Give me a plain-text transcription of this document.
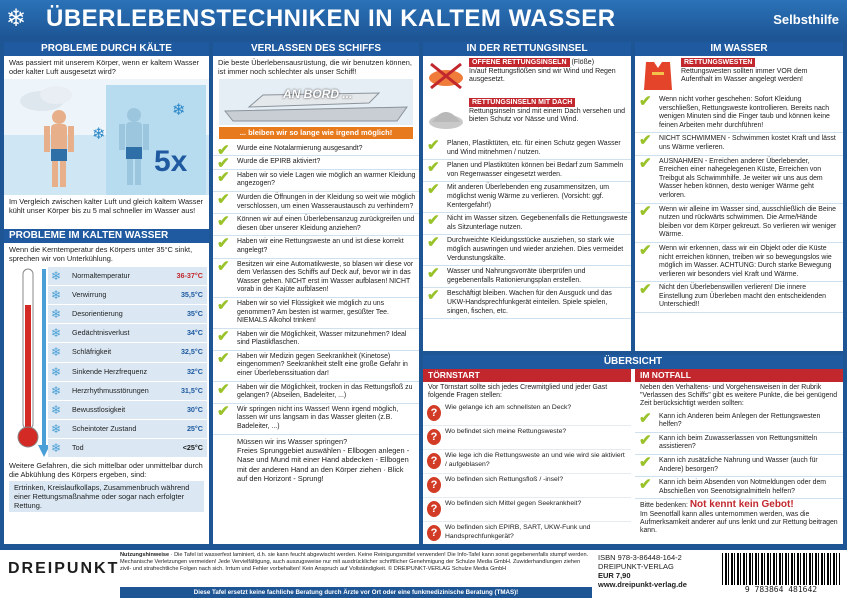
❄ ÜBERLEBENSTECHNIKEN IN KALTEM WASSER	Selbsthilfe
PROBLEME DURCH KÄLTE
Was passiert mit unserem Körper, wenn er kaltem Wasser oder kalter Luft ausgesetzt wird?
❄
❄
5x
Im Vergleich zwischen kalter Luft und gleich kaltem Wasser kühlt unser Körper bis zu 5 mal schneller im Wasser aus!
PROBLEME IM KALTEN WASSER
Wenn die Kerntemperatur des Körpers unter 35°C sinkt, sprechen wir von Unterkühlung.
❄ Normaltemperatur	36-37°C
❄ Verwirrung	35,5°C
❄ Desorientierung	35°C
❄ Gedächtnisverlust	34°C
❄ Schläfrigkeit	32,5°C
❄ Sinkende Herzfrequenz	32°C
❄ Herzrhythmusstörungen	31,5°C
❄ Bewusstlosigkeit	30°C
❄ Scheintoter Zustand	25°C
❄ Tod	<25°C
Weitere Gefahren, die sich mittelbar oder unmittelbar durch die Abkühlung des Körpers ergeben, sind:
Ertrinken, Kreislaufkollaps, Zusammenbruch während einer Rettungsmaßnahme oder sogar nach erfolgter Rettung.
VERLASSEN DES SCHIFFS
Die beste Überlebensausrüstung, die wir benutzen können, ist immer noch schlechter als unser Schiff!
AN BORD ...
... bleiben wir so lange wie irgend möglich!
✔	Wurde eine Notalarmierung ausgesandt?
✔	Wurde die EPIRB aktiviert?
✔	Haben wir so viele Lagen wie möglich an warmer Kleidung angezogen?
✔	Wurden die Öffnungen in der Kleidung so weit wie möglich verschlossen, um einen Wasseraustausch zu verhindern?
✔	Können wir auf einen Überlebensanzug zurückgreifen und diesen über unserer Kleidung anziehen?
✔	Haben wir eine Rettungsweste an und ist diese korrekt angelegt?
✔	Besitzen wir eine Automatikweste, so blasen wir diese vor dem Verlassen des Schiffs auf Deck auf, bevor wir in das Wasser gehen. NICHT erst im Wasser aufblasen! NICHT vorab in der Kajüte aufblasen!
✔	Haben wir so viel Flüssigkeit wie möglich zu uns genommen? Am besten ist warmer, gesüßter Tee. NIEMALS Alkohol trinken!
✔	Haben wir die Möglichkeit, Wasser mitzunehmen? Ideal sind Plastikflaschen.
✔	Haben wir Medizin gegen Seekrankheit (Kinetose) eingenommen? Seekrankheit stellt eine große Gefahr in einer Überlebenssituation dar!
✔	Haben wir die Möglichkeit, trocken in das Rettungsfloß zu gelangen? (Abseilen, Badeleiter, ...)
✔	Wir springen nicht ins Wasser! Wenn irgend möglich, lassen wir uns langsam in das Wasser gleiten (z.B. Badeleiter, ...)
Müssen wir ins Wasser springen?
Freies Sprunggebiet auswählen - Ellbogen anlegen - Nase und Mund mit einer Hand abdecken - Ellbogen mit der anderen Hand an den Körper ziehen · Blick auf den Horizont - Sprung!
IN DER RETTUNGSINSEL
OFFENE RETTUNGSINSELN (Flöße)
In/auf Rettungsflößen sind wir Wind und Regen ausgesetzt.
RETTUNGSINSELN MIT DACH
Rettungsinseln sind mit einem Dach versehen und bieten Schutz vor Nässe und Wind.
✔	Planen, Plastiktüten, etc. für einen Schutz gegen Wasser und Wind mitnehmen / nutzen.
✔	Planen und Plastiktüten können bei Bedarf zum Sammeln von Regenwasser eingesetzt werden.
✔	Mit anderen Überlebenden eng zusammensitzen, um möglichst wenig Wärme zu verlieren. (Vorsicht: ggf. Kentergefahr!)
✔	Nicht im Wasser sitzen. Gegebenenfalls die Rettungsweste als Sitzunterlage nutzen.
✔	Durchweichte Kleidungsstücke ausziehen, so stark wie möglich auswringen und wieder anziehen. Dies vermeidet Verdunstungskälte.
✔	Wasser und Nahrungsvorräte überprüfen und gegebenenfalls Rationierungsplan erstellen.
✔	Beschäftigt bleiben. Wachen für den Ausguck und das UKW-Handsprechfunkgerät einteilen. Spiele spielen, singen, fischen, etc.
IM WASSER
RETTUNGSWESTEN
Rettungswesten sollten immer VOR dem Aufenthalt im Wasser angelegt werden!
✔	Wenn nicht vorher geschehen: Sofort Kleidung verschließen, Rettungsweste kontrollieren. Bereits nach wenigen Minuten sind die Finger taub und können keine feinen Arbeiten mehr durchführen!
✔	NICHT SCHWIMMEN - Schwimmen kostet Kraft und lässt uns Wärme verlieren.
✔	AUSNAHMEN - Erreichen anderer Überlebender, Erreichen einer nahegelegenen Küste, Erreichen von Treibgut als Schwimmhilfe. Je weiter wir uns aus dem Wasser heben können, desto weniger Wärme geht verloren.
✔	Wenn wir alleine im Wasser sind, ausschließlich die Beine nutzen und rückwärts schwimmen. Die Arme/Hände bleiben vor dem Körper gekreuzt. So verlieren wir weniger Wärme.
✔	Wenn wir erkennen, dass wir ein Objekt oder die Küste nicht erreichen können, treiben wir so bewegungslos wie möglich im Wasser. ACHTUNG: Durch starke Bewegung verlieren wir besonders viel Kraft und Wärme.
✔	Nicht den Überlebenswillen verlieren! Die innere Einstellung zum Überleben macht den entscheidenden Unterschied!!
ÜBERSICHT
TÖRNSTART
Vor Törnstart sollte sich jedes Crewmitglied und jeder Gast folgende Fragen stellen:
?	Wie gelange ich am schnellsten an Deck?
?	Wo befindet sich meine Rettungsweste?
?	Wie lege ich die Rettungsweste an und wie wird sie aktiviert / aufgeblasen?
?	Wo befinden sich Rettungsfloß / -insel?
?	Wo befinden sich Mittel gegen Seekrankheit?
?	Wo befinden sich EPIRB, SART, UKW-Funk und Handsprechfunkgerät?
IM NOTFALL
Neben den Verhaltens- und Vorgehensweisen in der Rubrik "Verlassen des Schiffs" gibt es weitere Punkte, die bei genügend Zeit berücksichtigt werden sollten:
✔	Kann ich Anderen beim Anlegen der Rettungswesten helfen?
✔	Kann ich beim Zuwasserlassen von Rettungsmitteln assistieren?
✔	Kann ich zusätzliche Nahrung und Wasser (auch für Andere) besorgen?
✔	Kann ich beim Absenden von Notmeldungen oder dem Abschießen von Seenotsignalmitteln helfen?
Bitte bedenken: Not kennt kein Gebot!
Im Seenotfall kann alles unternommen werden, was die Aufmerksamkeit anderer auf uns lenkt und zur Rettung beitragen kann.
DREIPUNKT
Nutzungshinweise · Die Tafel ist wasserfest laminiert, d.h. sie kann feucht abgewischt werden. Keine Reinigungsmittel verwenden! Die Info-Tafel kann sonst gegebenenfalls stumpf werden. Mechanische Verletzungen vermeiden! Jede Vervielfältigung, auch auszugsweise nur mit ausdrücklicher schriftlicher Genehmigung der Schulze Media GmbH. Zuwiderhandlungen ziehen zivil- und strafrechtliche Folgen nach sich. Irrtum und Fehler vorbehalten! Kein Anspruch auf Vollständigkeit. © DREIPUNKT-VERLAG Schulze Media GmbH
Diese Tafel ersetzt keine fachliche Beratung durch Ärzte vor Ort oder eine funkmedizinische Beratung (TMAS)!
ISBN 978-3-86448-164-2
DREIPUNKT-VERLAG
EUR 7,90
www.dreipunkt-verlag.de
9 783864 481642
